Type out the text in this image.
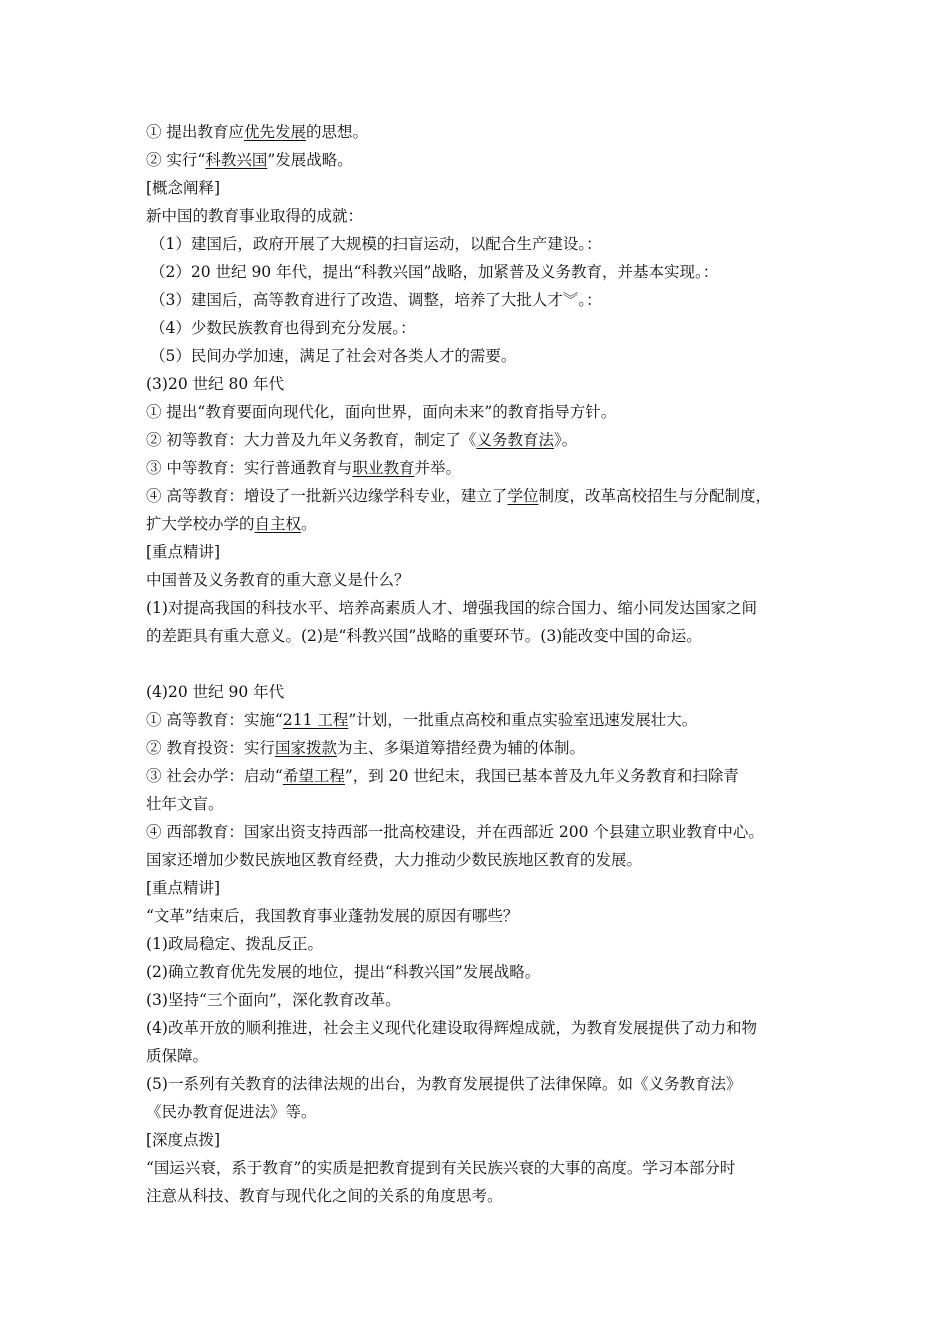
① 提出教育应优先发展的思想。
② 实行“科教兴国”发展战略。
[概念阐释]
新中国的教育事业取得的成就：
（1）建国后，政府开展了大规模的扫盲运动，以配合生产建设。：
（2）20 世纪 90 年代，提出“科教兴国”战略，加紧普及义务教育，并基本实现。：
（3）建国后，高等教育进行了改造、调整，培养了大批人才︾。：
（4）少数民族教育也得到充分发展。：
（5）民间办学加速，满足了社会对各类人才的需要。
(3)20 世纪 80 年代
① 提出“教育要面向现代化，面向世界，面向未来”的教育指导方针。
② 初等教育：大力普及九年义务教育，制定了《义务教育法》。
③ 中等教育：实行普通教育与职业教育并举。
④ 高等教育：增设了一批新兴边缘学科专业，建立了学位制度，改革高校招生与分配制度，
扩大学校办学的自主权。
[重点精讲]
中国普及义务教育的重大意义是什么？
(1)对提高我国的科技水平、培养高素质人才、增强我国的综合国力、缩小同发达国家之间
的差距具有重大意义。(2)是“科教兴国”战略的重要环节。(3)能改变中国的命运。
(4)20 世纪 90 年代
① 高等教育：实施“211 工程”计划，一批重点高校和重点实验室迅速发展壮大。
② 教育投资：实行国家拨款为主、多渠道筹措经费为辅的体制。
③ 社会办学：启动“希望工程”，到 20 世纪末，我国已基本普及九年义务教育和扫除青
壮年文盲。
④ 西部教育：国家出资支持西部一批高校建设，并在西部近 200 个县建立职业教育中心。
国家还增加少数民族地区教育经费，大力推动少数民族地区教育的发展。
[重点精讲]
“文革”结束后，我国教育事业蓬勃发展的原因有哪些？
(1)政局稳定、拨乱反正。
(2)确立教育优先发展的地位，提出“科教兴国”发展战略。
(3)坚持“三个面向”，深化教育改革。
(4)改革开放的顺利推进，社会主义现代化建设取得辉煌成就，为教育发展提供了动力和物
质保障。
(5)一系列有关教育的法律法规的出台，为教育发展提供了法律保障。如《义务教育法》
《民办教育促进法》等。
[深度点拨]
“国运兴衰，系于教育”的实质是把教育提到有关民族兴衰的大事的高度。学习本部分时
注意从科技、教育与现代化之间的关系的角度思考。
